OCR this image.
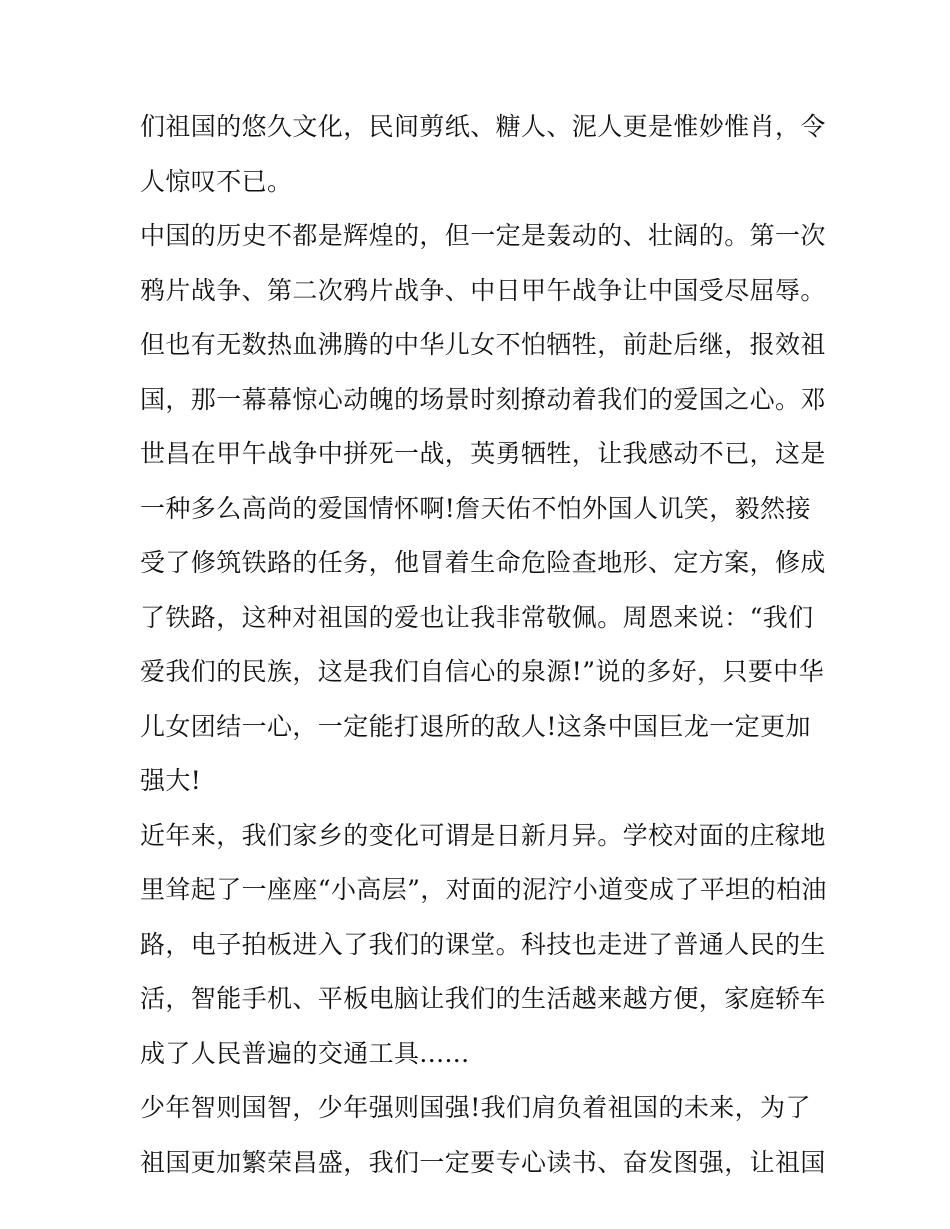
们祖国的悠久文化，民间剪纸、糖人、泥人更是惟妙惟肖，令

人惊叹不已。

中国的历史不都是辉煌的，但一定是轰动的、壮阔的。第一次

鸦片战争、第二次鸦片战争、中日甲午战争让中国受尽屈辱。

但也有无数热血沸腾的中华儿女不怕牺牲，前赴后继，报效祖

国，那一幕幕惊心动魄的场景时刻撩动着我们的爱国之心。邓

世昌在甲午战争中拼死一战，英勇牺牲，让我感动不已，这是

一种多么高尚的爱国情怀啊!詹天佑不怕外国人讥笑，毅然接

受了修筑铁路的任务，他冒着生命危险查地形、定方案，修成

了铁路，这种对祖国的爱也让我非常敬佩。周恩来说：“我们

爱我们的民族，这是我们自信心的泉源!”说的多好，只要中华

儿女团结一心，一定能打退所的敌人!这条中国巨龙一定更加

强大!

近年来，我们家乡的变化可谓是日新月异。学校对面的庄稼地

里耸起了一座座“小高层”，对面的泥泞小道变成了平坦的柏油

路，电子拍板进入了我们的课堂。科技也走进了普通人民的生

活，智能手机、平板电脑让我们的生活越来越方便，家庭轿车

成了人民普遍的交通工具......

少年智则国智，少年强则国强!我们肩负着祖国的未来，为了

祖国更加繁荣昌盛，我们一定要专心读书、奋发图强，让祖国
